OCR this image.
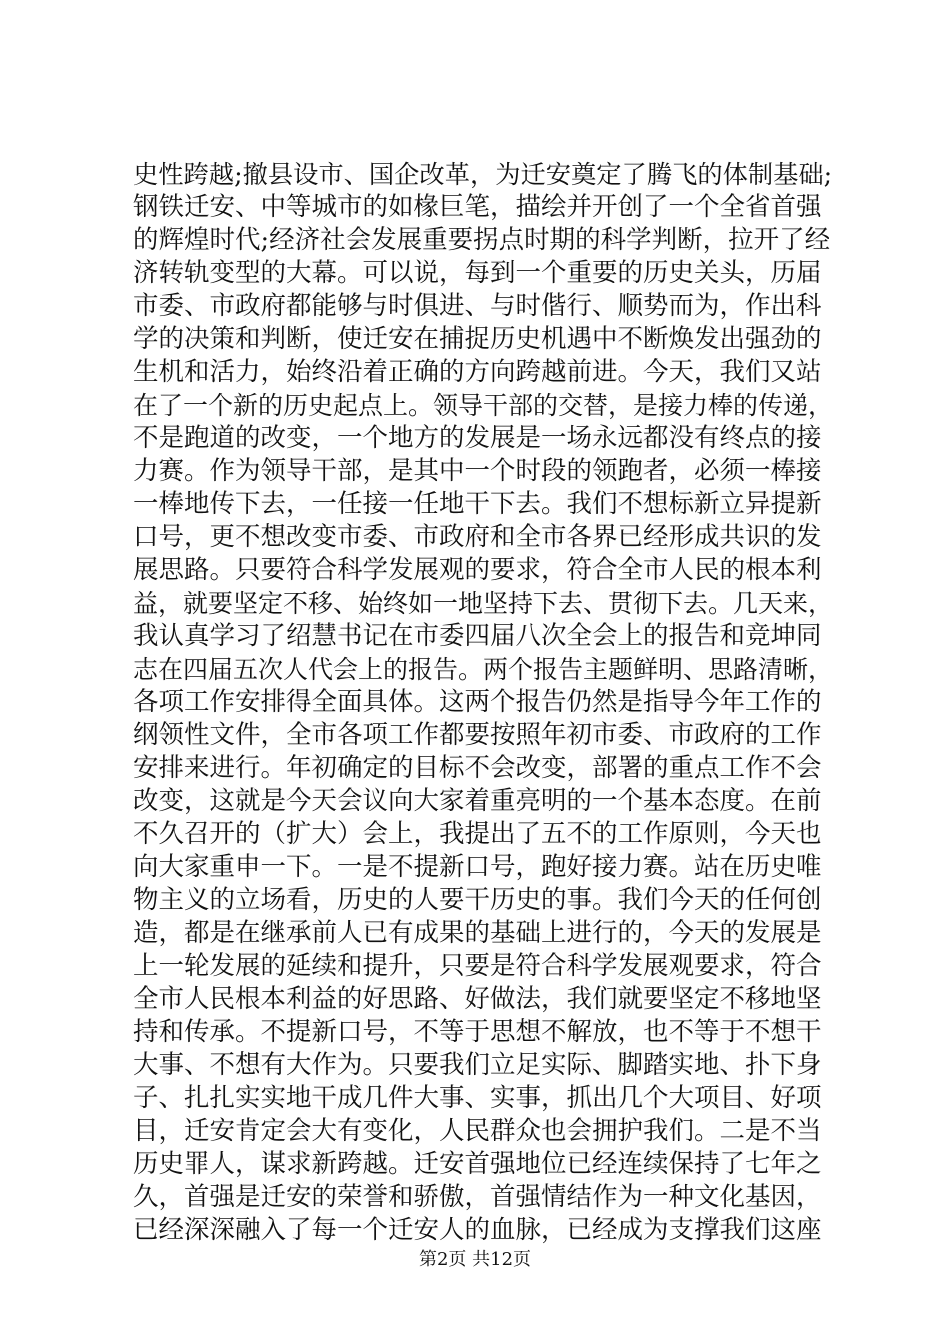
史性跨越;撤县设市、国企改革，为迁安奠定了腾飞的体制基础;
钢铁迁安、中等城市的如椽巨笔，描绘并开创了一个全省首强
的辉煌时代;经济社会发展重要拐点时期的科学判断，拉开了经
济转轨变型的大幕。可以说，每到一个重要的历史关头，历届
市委、市政府都能够与时俱进、与时偕行、顺势而为，作出科
学的决策和判断，使迁安在捕捉历史机遇中不断焕发出强劲的
生机和活力，始终沿着正确的方向跨越前进。今天，我们又站
在了一个新的历史起点上。领导干部的交替，是接力棒的传递，
不是跑道的改变，一个地方的发展是一场永远都没有终点的接
力赛。作为领导干部，是其中一个时段的领跑者，必须一棒接
一棒地传下去，一任接一任地干下去。我们不想标新立异提新
口号，更不想改变市委、市政府和全市各界已经形成共识的发
展思路。只要符合科学发展观的要求，符合全市人民的根本利
益，就要坚定不移、始终如一地坚持下去、贯彻下去。几天来，
我认真学习了绍慧书记在市委四届八次全会上的报告和竞坤同
志在四届五次人代会上的报告。两个报告主题鲜明、思路清晰，
各项工作安排得全面具体。这两个报告仍然是指导今年工作的
纲领性文件，全市各项工作都要按照年初市委、市政府的工作
安排来进行。年初确定的目标不会改变，部署的重点工作不会
改变，这就是今天会议向大家着重亮明的一个基本态度。在前
不久召开的（扩大）会上，我提出了五不的工作原则，今天也
向大家重申一下。一是不提新口号，跑好接力赛。站在历史唯
物主义的立场看，历史的人要干历史的事。我们今天的任何创
造，都是在继承前人已有成果的基础上进行的，今天的发展是
上一轮发展的延续和提升，只要是符合科学发展观要求，符合
全市人民根本利益的好思路、好做法，我们就要坚定不移地坚
持和传承。不提新口号，不等于思想不解放，也不等于不想干
大事、不想有大作为。只要我们立足实际、脚踏实地、扑下身
子、扎扎实实地干成几件大事、实事，抓出几个大项目、好项
目，迁安肯定会大有变化，人民群众也会拥护我们。二是不当
历史罪人，谋求新跨越。迁安首强地位已经连续保持了七年之
久，首强是迁安的荣誉和骄傲，首强情结作为一种文化基因，
已经深深融入了每一个迁安人的血脉，已经成为支撑我们这座
第2页 共12页
